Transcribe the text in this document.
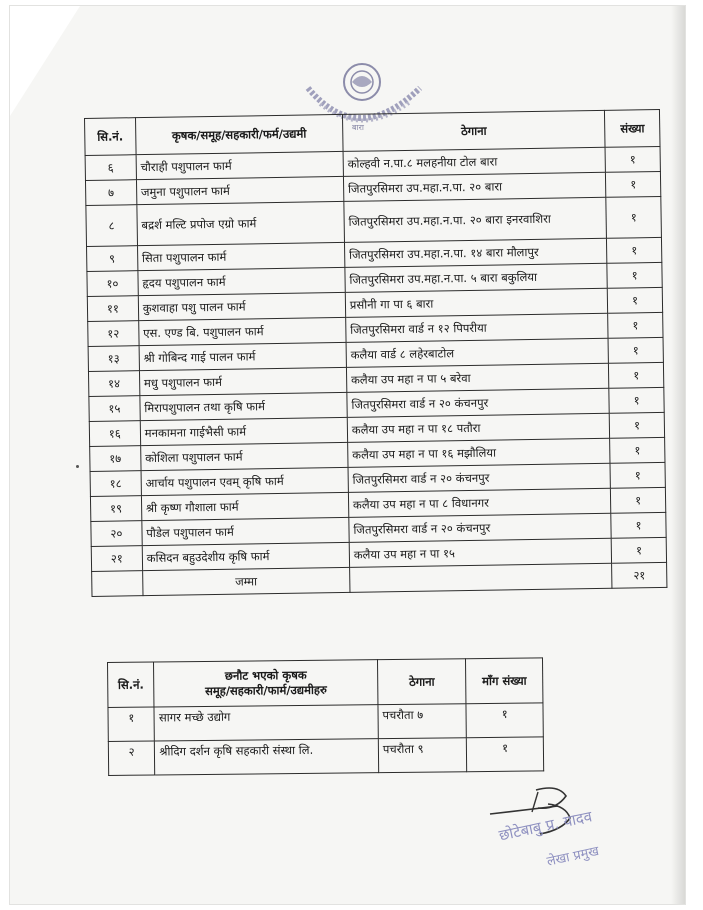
बारा
सि.नं.	कृषक/समूह/सहकारी/फर्म/उद्यमी	ठेगाना	संख्या
६	चौराही पशुपालन फार्म	कोल्हवी न.पा.८ मलहनीया टोल बारा	१
७	जमुना पशुपालन फार्म	जितपुरसिमरा उप.महा.न.पा. २० बारा	१
८	बद्रर्श मल्टि प्रपोज एग्रो फार्म	जितपुरसिमरा उप.महा.न.पा. २० बारा इनरवाशिरा	१
९	सिता पशुपालन फार्म	जितपुरसिमरा उप.महा.न.पा. १४ बारा मौलापुर	१
१०	हृदय पशुपालन फार्म	जितपुरसिमरा उप.महा.न.पा. ५ बारा बकुलिया	१
११	कुशवाहा पशु पालन फार्म	प्रसौनी गा पा ६ बारा	१
१२	एस. एण्ड बि. पशुपालन फार्म	जितपुरसिमरा वार्ड न १२ पिपरीया	१
१३	श्री गोबिन्द गाई पालन फार्म	कलैया वार्ड ८ लहेरबाटोल	१
१४	मधु पशुपालन फार्म	कलैया उप महा न पा ५ बरेवा	१
१५	मिरापशुपालन तथा कृषि फार्म	जितपुरसिमरा वार्ड न २० कंचनपुर	१
१६	मनकामना गाईभैसी फार्म	कलैया उप महा न पा १८ पतौरा	१
१७	कोशिला पशुपालन फार्म	कलैया उप महा न पा १६ मझौलिया	१
१८	आर्चाय पशुपालन एवम् कृषि फार्म	जितपुरसिमरा वार्ड न २० कंचनपुर	१
१९	श्री कृष्ण गौशाला फार्म	कलैया उप महा न पा ८ विधानगर	१
२०	पौडेल पशुपालन फार्म	जितपुरसिमरा वार्ड न २० कंचनपुर	१
२१	कसिदन बहुउदेशीय कृषि फार्म	कलैया उप महा न पा १५	१
	जम्मा		२१
सि.नं.	छनौट भएको कृषक
समूह/सहकारी/फार्म/उद्यमीहरु	ठेगाना	माँग संख्या
१	सागर मच्छे उद्योग	पचरौता ७	१
२	श्रीदिग दर्शन कृषि सहकारी संस्था लि.	पचरौता ९	१
छोटेबाबु प्र. यादव
लेखा प्रमुख
